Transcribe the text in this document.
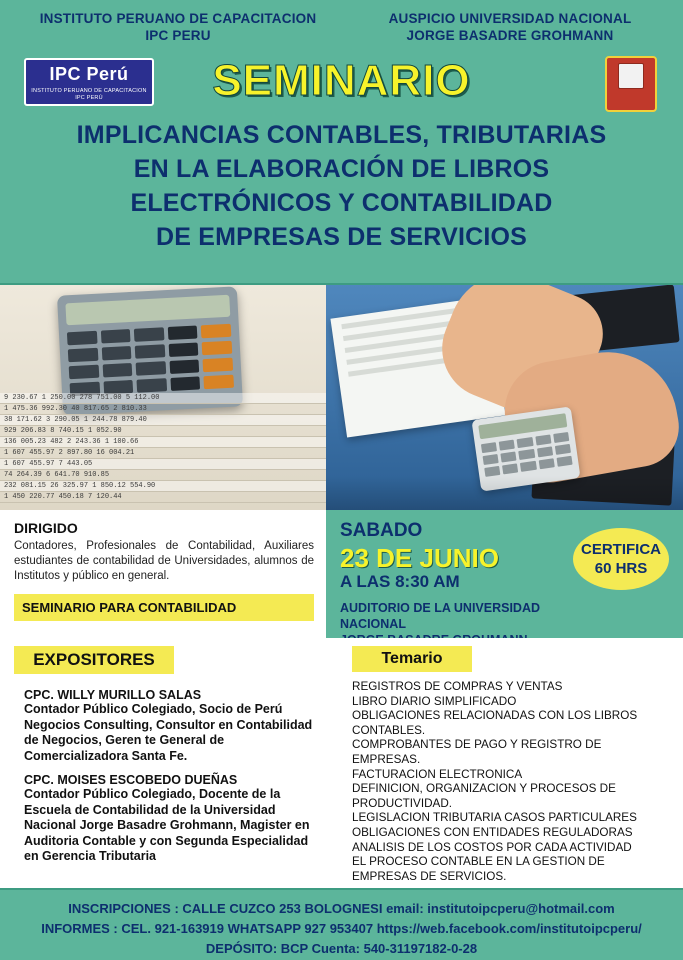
INSTITUTO PERUANO DE CAPACITACION
IPC PERU
AUSPICIO UNIVERSIDAD NACIONAL
JORGE BASADRE GROHMANN
IPC Perú
INSTITUTO PERUANO DE CAPACITACION IPC PERÚ	SEMINARIO
IMPLICANCIAS CONTABLES, TRIBUTARIAS
EN LA ELABORACIÓN DE LIBROS
ELECTRÓNICOS Y CONTABILIDAD
DE EMPRESAS DE SERVICIOS
9 230.67 1 250.00 278 751.00 5 112.00
1 475.36 992.30 40 817.65 2 810.33
38 171.62 3 290.05 1 244.78 879.40
929 206.83 8 740.15 1 052.90
136 005.23 482 2 243.36 1 100.66
1 607 455.97 2 897.80 16 004.21
1 607 455.97 7 443.05
74 264.39 6 641.70 910.85
232 081.15 26 325.97 1 850.12 554.90
1 450 220.77 450.18 7 120.44
DIRIGIDO
Contadores, Profesionales de Contabilidad, Auxiliares estudiantes de contabilidad de Universidades, alumnos de Institutos y público en general.
SEMINARIO PARA CONTABILIDAD
SABADO
23 DE JUNIO
A LAS 8:30 AM
AUDITORIO DE LA UNIVERSIDAD NACIONAL
CERTIFICA
60 HRS
EXPOSITORES	Temario
CPC. WILLY MURILLO SALAS
Contador Público Colegiado, Socio de Perú Negocios Consulting, Consultor en Contabilidad de Negocios, Geren te General de Comercializadora Santa Fe.
CPC. MOISES ESCOBEDO DUEÑAS
Contador Público Colegiado, Docente de la Escuela de Contabilidad de la Universidad Nacional Jorge Basadre Grohmann, Magister en Auditoria Contable y con Segunda Especialidad en Gerencia Tributaria
REGISTROS DE COMPRAS Y VENTAS
LIBRO DIARIO SIMPLIFICADO
OBLIGACIONES RELACIONADAS CON LOS LIBROS CONTABLES.
COMPROBANTES DE PAGO Y REGISTRO DE EMPRESAS.
FACTURACION ELECTRONICA
DEFINICION, ORGANIZACION Y PROCESOS DE PRODUCTIVIDAD.
LEGISLACION TRIBUTARIA CASOS PARTICULARES
OBLIGACIONES CON ENTIDADES REGULADORAS
ANALISIS DE LOS COSTOS POR CADA ACTIVIDAD
EL PROCESO CONTABLE EN LA GESTION DE EMPRESAS DE SERVICIOS.
INSCRIPCIONES : CALLE CUZCO 253 BOLOGNESI email: institutoipcperu@hotmail.com
INFORMES : CEL. 921-163919 WHATSAPP 927 953407 https://web.facebook.com/institutoipcperu/
DEPÓSITO: BCP Cuenta: 540-31197182-0-28
